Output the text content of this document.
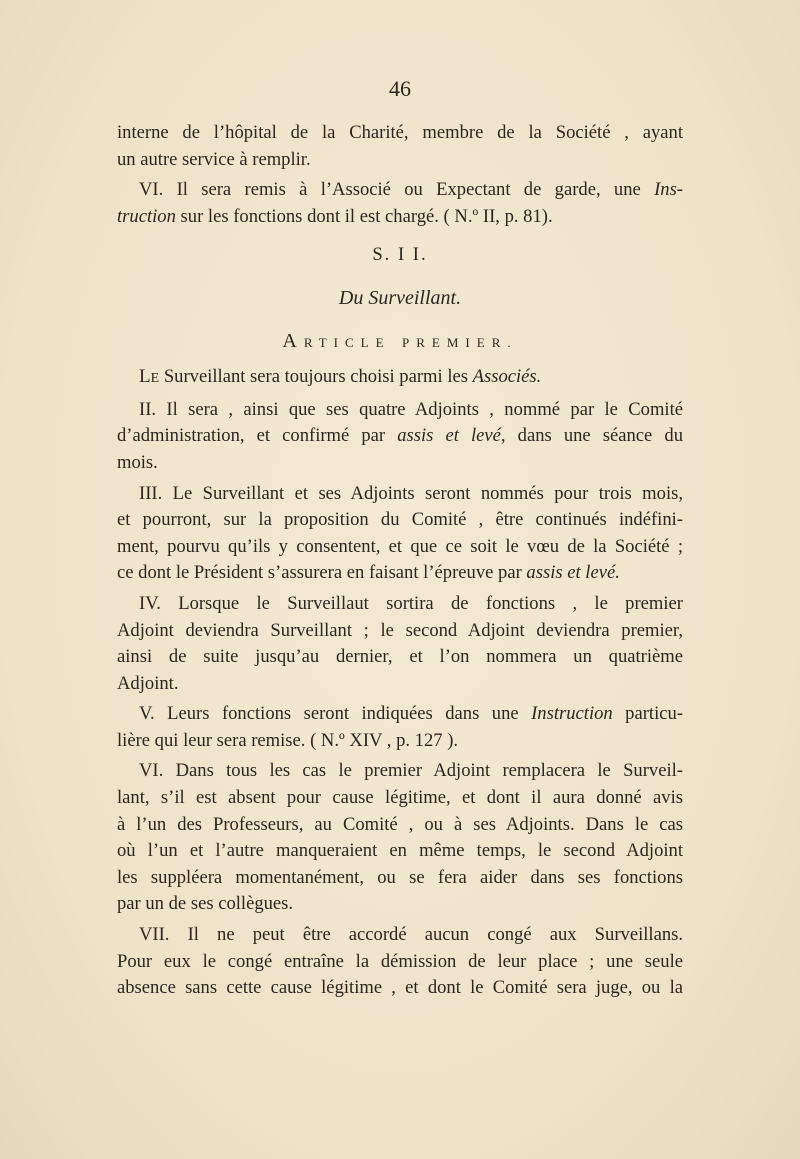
46

interne de l’hôpital de la Charité, membre de la Société , ayant

un autre service à remplir.

VI. Il sera remis à l’Associé ou Expectant de garde, une Ins-

truction sur les fonctions dont il est chargé. ( N.º II, p. 81).

S. I I.

Du Surveillant.

ARTICLE PREMIER.

LE Surveillant sera toujours choisi parmi les Associés.

II. Il sera , ainsi que ses quatre Adjoints , nommé par le Comité

d’administration, et confirmé par assis et levé, dans une séance du

mois.

III. Le Surveillant et ses Adjoints seront nommés pour trois mois,

et pourront, sur la proposition du Comité , être continués indéfini-

ment, pourvu qu’ils y consentent, et que ce soit le vœu de la Société ;

ce dont le Président s’assurera en faisant l’épreuve par assis et levé.

IV. Lorsque le Surveillaut sortira de fonctions , le premier

Adjoint deviendra Surveillant ; le second Adjoint deviendra premier,

ainsi de suite jusqu’au dernier, et l’on nommera un quatrième

Adjoint.

V. Leurs fonctions seront indiquées dans une Instruction particu-

lière qui leur sera remise. ( N.º XIV , p. 127 ).

VI. Dans tous les cas le premier Adjoint remplacera le Surveil-

lant, s’il est absent pour cause légitime, et dont il aura donné avis

à l’un des Professeurs, au Comité , ou à ses Adjoints. Dans le cas

où l’un et l’autre manqueraient en même temps, le second Adjoint

les suppléera momentanément, ou se fera aider dans ses fonctions

par un de ses collègues.

VII. Il ne peut être accordé aucun congé aux Surveillans.

Pour eux le congé entraîne la démission de leur place ; une seule

absence sans cette cause légitime , et dont le Comité sera juge, ou la
